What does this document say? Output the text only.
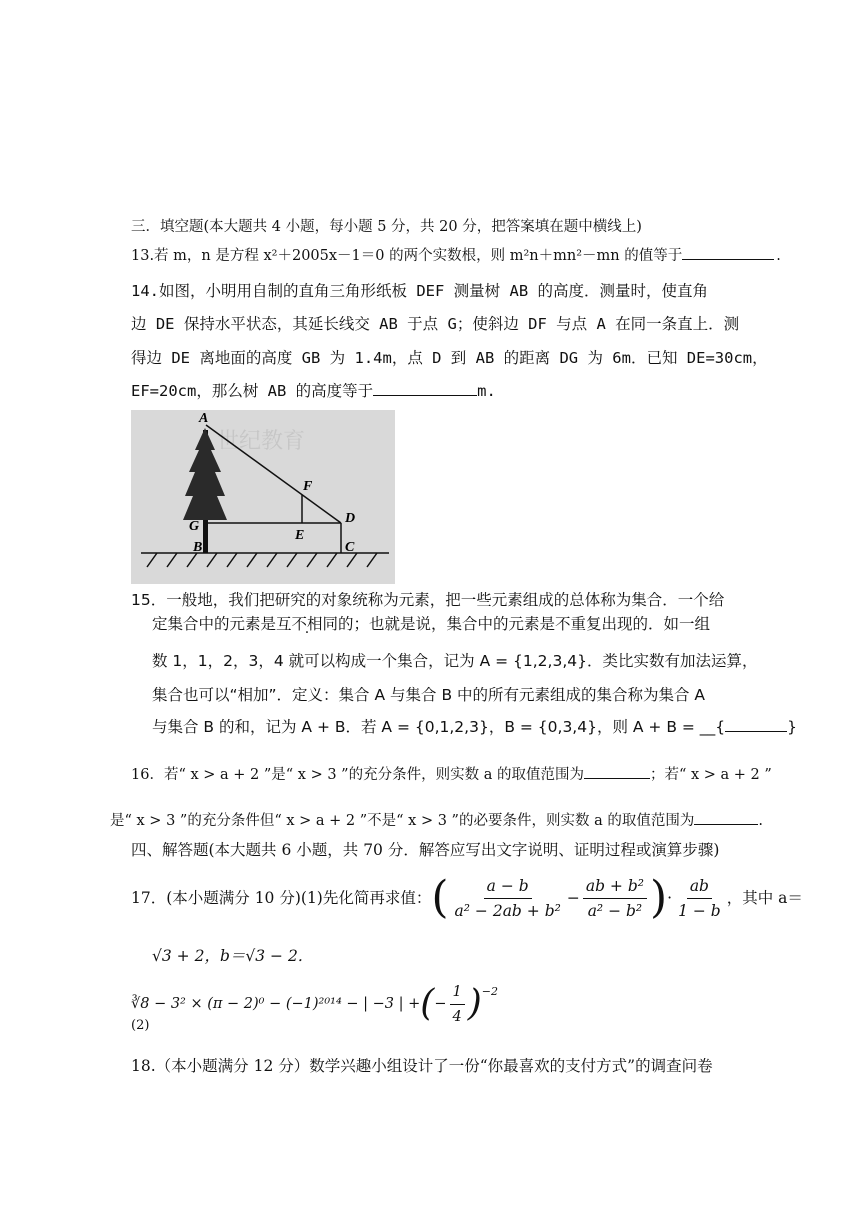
三．填空题(本大题共 4 小题，每小题 5 分，共 20 分，把答案填在题中横线上)
13.若 m，n 是方程 x²＋2005x－1＝0 的两个实数根，则 m²n＋mn²－mn 的值等于	.
14.如图，小明用自制的直角三角形纸板 DEF 测量树 AB 的高度．测量时，使直角
边 DE 保持水平状态，其延长线交 AB 于点 G；使斜边 DF 与点 A 在同一条直上．测
得边 DE 离地面的高度 GB 为 1.4m，点 D 到 AB 的距离 DG 为 6m．已知 DE=30cm，
EF=20cm，那么树 AB 的高度等于	m.
世纪教育
A
F
G
E
D
B	C
15．一般地，我们把研究的对象统称为元素，把一些元素组成的总体称为集合．一个给
定集合中的元素是互不相同的；也就是说，集合中的元素是不重复出现的．如一组
数 1，1，2，3，4 就可以构成一个集合，记为 A = {1,2,3,4}．类比实数有加法运算，
集合也可以“相加”．定义：集合 A 与集合 B 中的所有元素组成的集合称为集合 A
与集合 B 的和，记为 A + B．若 A = {0,1,2,3}，B = {0,3,4}，则 A + B = __{	}
16．若“ x > a + 2 ”是“ x > 3 ”的充分条件，则实数 a 的取值范围为	；若“ x > a + 2 ”
是“ x > 3 ”的充分条件但“ x > a + 2 ”不是“ x > 3 ”的必要条件，则实数 a 的取值范围为	.
四、解答题(本大题共 6 小题，共 70 分．解答应写出文字说明、证明过程或演算步骤)
17．(本小题满分 10 分)(1)先化简再求值： ( $\frac{a - b}{\text{a² − 2ab + b²}} - \frac{\text{ab + b²}}{\text{a² − b²}}$ ) · $\frac{ab}{1 - b}$ ，其中 a＝
√3 + 2，b＝√3 − 2．
∛8 − 3² × (π − 2)⁰ − (−1)²⁰¹⁴ − | −3 | + ( − $\frac{1}{4} )^{-2}$
(2)
18.（本小题满分 12 分）数学兴趣小组设计了一份“你最喜欢的支付方式”的调查问卷
